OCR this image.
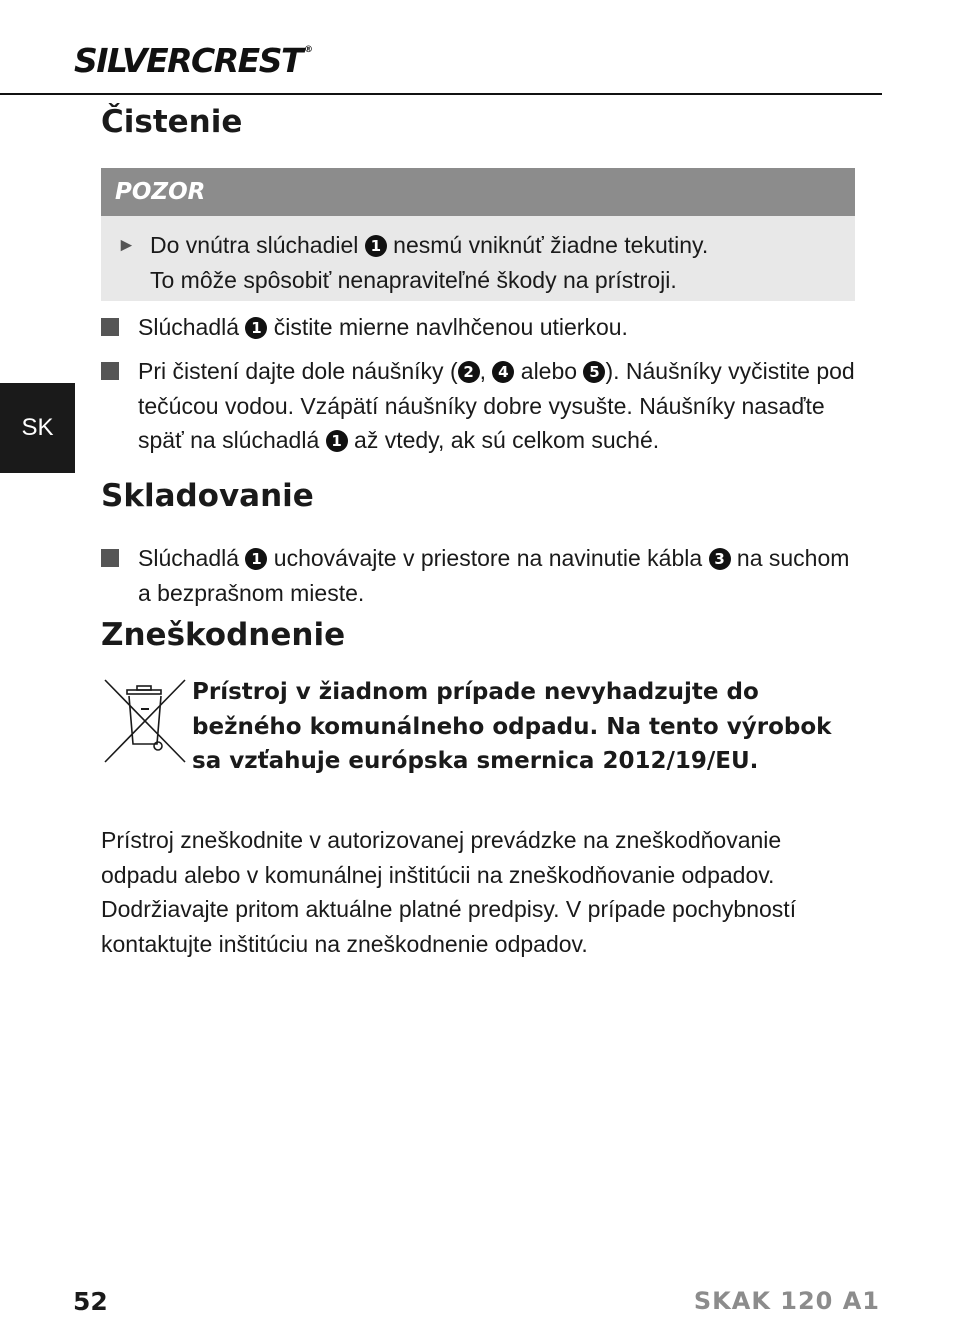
SILVERCREST ®
SK
Čistenie
POZOR
► Do vnútra slúchadiel 1 nesmú vniknúť žiadne tekutiny.
To môže spôsobiť nenapraviteľné škody na prístroji.

Slúchadlá 1 čistite mierne navlhčenou utierkou.

Pri čistení dajte dole náušníky ( 2 , 4 alebo 5 ). Náušníky vyčistite pod tečúcou vodou. Vzápätí náušníky dobre vysušte. Náušníky nasaďte späť na slúchadlá 1 až vtedy, ak sú celkom suché.

Skladovanie

Slúchadlá 1 uchovávajte v priestore na navinutie kábla 3 na suchom a bezprašnom mieste.

Zneškodnenie

Prístroj v žiadnom prípade nevyhadzujte do bežného komunálneho odpadu. Na tento výrobok sa vzťahuje európska smernica 2012/19/EU.

Prístroj zneškodnite v autorizovanej prevádzke na zneškodňovanie odpadu alebo v komunálnej inštitúcii na zneškodňovanie odpadov. Dodržiavajte pritom aktuálne platné predpisy. V prípade pochybností kontaktujte inštitúciu na zneškodnenie odpadov.

52	SKAK 120 A1
